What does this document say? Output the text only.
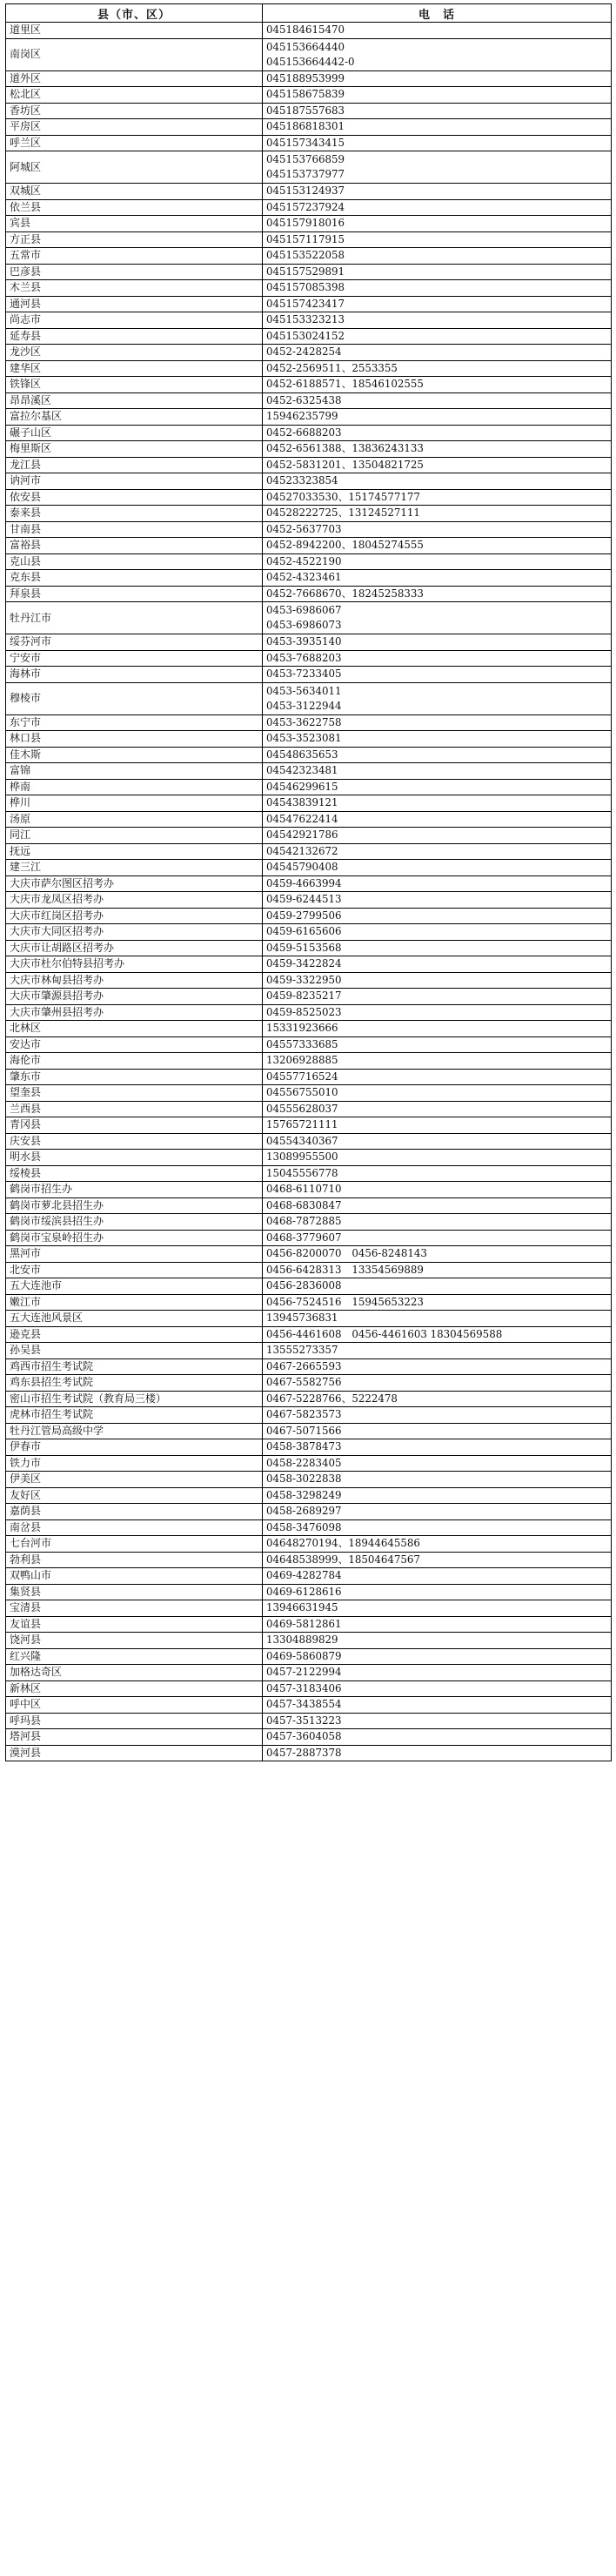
县（市、区）	电　话
道里区	045184615470

南岗区	045153664440
045153664442-0

道外区	045188953999

松北区	045158675839

香坊区	045187557683

平房区	045186818301

呼兰区	045157343415

阿城区	045153766859
045153737977

双城区	045153124937

依兰县	045157237924

宾县	045157918016

方正县	045157117915

五常市	045153522058

巴彦县	045157529891

木兰县	045157085398

通河县	045157423417

尚志市	045153323213

延寿县	045153024152

龙沙区	0452-2428254

建华区	0452-2569511、2553355

铁锋区	0452-6188571、18546102555

昂昂溪区	0452-6325438

富拉尔基区	15946235799

碾子山区	0452-6688203

梅里斯区	0452-6561388、13836243133

龙江县	0452-5831201、13504821725

讷河市	04523323854

依安县	04527033530、15174577177

泰来县	04528222725、13124527111

甘南县	0452-5637703

富裕县	0452-8942200、18045274555

克山县	0452-4522190

克东县	0452-4323461

拜泉县	0452-7668670、18245258333

牡丹江市	0453-6986067
0453-6986073

绥芬河市	0453-3935140

宁安市	0453-7688203

海林市	0453-7233405

穆棱市	0453-5634011
0453-3122944

东宁市	0453-3622758

林口县	0453-3523081

佳木斯	04548635653

富锦	04542323481

桦南	04546299615

桦川	04543839121

汤原	04547622414

同江	04542921786

抚远	04542132672

建三江	04545790408

大庆市萨尔图区招考办	0459-4663994

大庆市龙凤区招考办	0459-6244513

大庆市红岗区招考办	0459-2799506

大庆市大同区招考办	0459-6165606

大庆市让胡路区招考办	0459-5153568

大庆市杜尔伯特县招考办	0459-3422824

大庆市林甸县招考办	0459-3322950

大庆市肇源县招考办	0459-8235217

大庆市肇州县招考办	0459-8525023

北林区	15331923666

安达市	04557333685

海伦市	13206928885

肇东市	04557716524

望奎县	04556755010

兰西县	04555628037

青冈县	15765721111

庆安县	04554340367

明水县	13089955500

绥棱县	15045556778

鹤岗市招生办	0468-6110710

鹤岗市萝北县招生办	0468-6830847

鹤岗市绥滨县招生办	0468-7872885

鹤岗市宝泉岭招生办	0468-3779607

黑河市	0456-8200070　0456-8248143

北安市	0456-6428313　13354569889

五大连池市	0456-2836008

嫩江市	0456-7524516　15945653223

五大连池风景区	13945736831

逊克县	0456-4461608　0456-4461603 18304569588

孙吴县	13555273357

鸡西市招生考试院	0467-2665593

鸡东县招生考试院	0467-5582756

密山市招生考试院（教育局三楼）	0467-5228766、5222478

虎林市招生考试院	0467-5823573

牡丹江管局高级中学	0467-5071566

伊春市	0458-3878473

铁力市	0458-2283405

伊美区	0458-3022838

友好区	0458-3298249

嘉荫县	0458-2689297

南岔县	0458-3476098

七台河市	04648270194、18944645586

勃利县	04648538999、18504647567

双鸭山市	0469-4282784

集贤县	0469-6128616

宝清县	13946631945

友谊县	0469-5812861

饶河县	13304889829

红兴隆	0469-5860879

加格达奇区	0457-2122994

新林区	0457-3183406

呼中区	0457-3438554

呼玛县	0457-3513223

塔河县	0457-3604058

漠河县	0457-2887378
